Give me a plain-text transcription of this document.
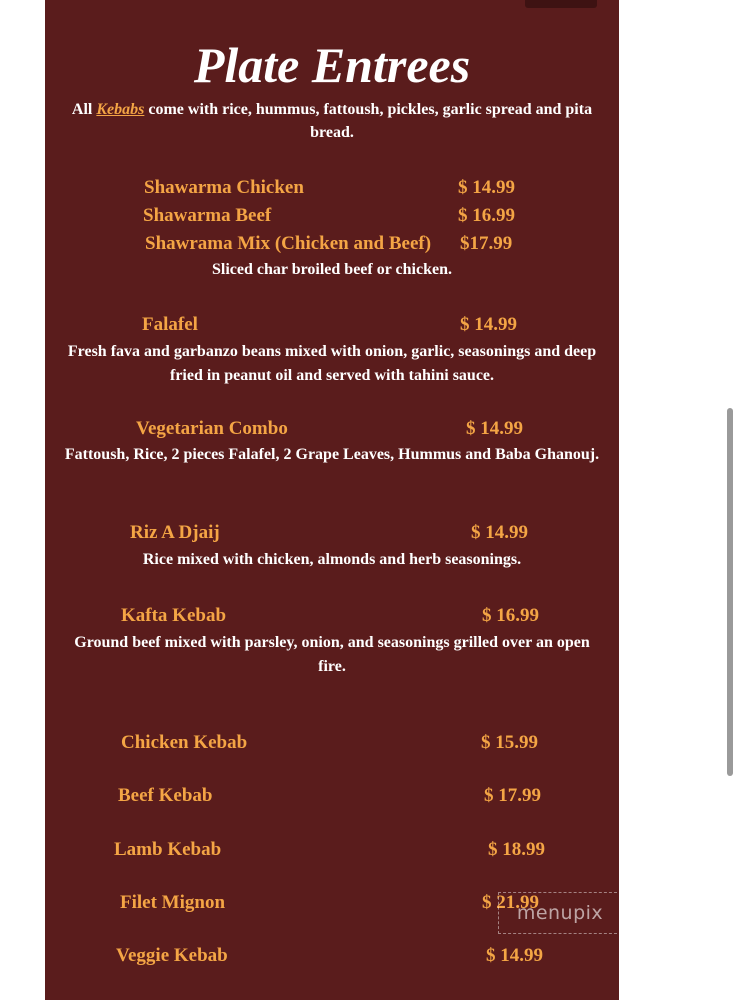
Plate Entrees
All Kebabs come with rice, hummus, fattoush, pickles, garlic spread and pita bread.
Shawarma Chicken	$ 14.99
Shawarma Beef	$ 16.99
Shawrama Mix (Chicken and Beef) $17.99
Sliced char broiled beef or chicken.
Falafel	$ 14.99
Fresh fava and garbanzo beans mixed with onion, garlic, seasonings and deep fried in peanut oil and served with tahini sauce.
Vegetarian Combo	$ 14.99
Fattoush, Rice, 2 pieces Falafel, 2 Grape Leaves, Hummus and Baba Ghanouj.
Riz A Djaij	$ 14.99
Rice mixed with chicken, almonds and herb seasonings.
Kafta Kebab	$ 16.99
Ground beef mixed with parsley, onion, and seasonings grilled over an open fire.
Chicken Kebab	$ 15.99
Beef Kebab	$ 17.99
Lamb Kebab	$ 18.99
Filet Mignon	$ 21.99
Veggie Kebab	$ 14.99
menupix
